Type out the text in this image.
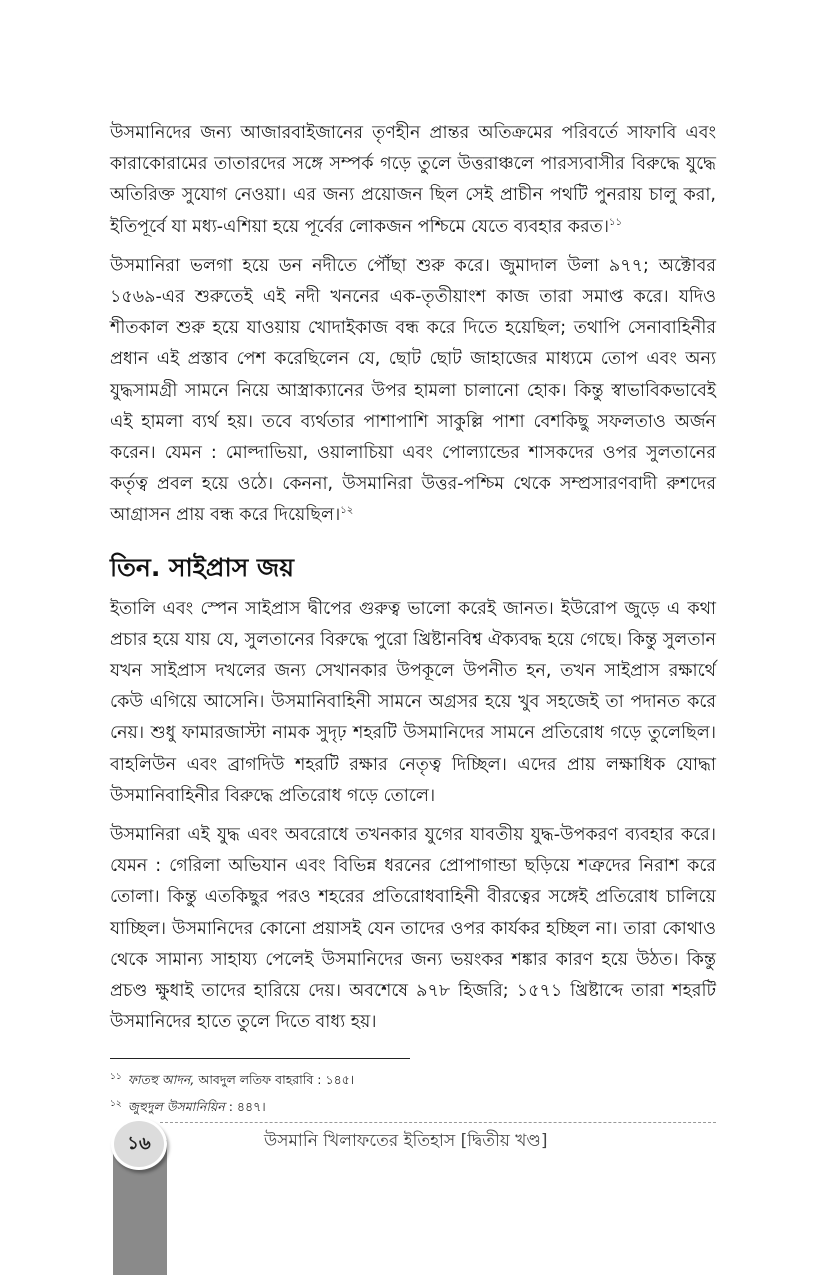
উসমানিদের জন্য আজারবাইজানের তৃণহীন প্রান্তর অতিক্রমের পরিবর্তে সাফাবি এবং কারাকোরামের তাতারদের সঙ্গে সম্পর্ক গড়ে তুলে উত্তরাঞ্চলে পারস্যবাসীর বিরুদ্ধে যুদ্ধে অতিরিক্ত সুযোগ নেওয়া। এর জন্য প্রয়োজন ছিল সেই প্রাচীন পথটি পুনরায় চালু করা, ইতিপূর্বে যা মধ্য-এশিয়া হয়ে পূর্বের লোকজন পশ্চিমে যেতে ব্যবহার করত।$^{১১}$

উসমানিরা ভলগা হয়ে ডন নদীতে পৌঁছা শুরু করে। জুমাদাল উলা ৯৭৭; অক্টোবর ১৫৬৯-এর শুরুতেই এই নদী খননের এক-তৃতীয়াংশ কাজ তারা সমাপ্ত করে। যদিও শীতকাল শুরু হয়ে যাওয়ায় খোদাইকাজ বন্ধ করে দিতে হয়েছিল; তথাপি সেনাবাহিনীর প্রধান এই প্রস্তাব পেশ করেছিলেন যে, ছোট ছোট জাহাজের মাধ্যমে তোপ এবং অন্য যুদ্ধসামগ্রী সামনে নিয়ে আস্ত্রাক্যানের উপর হামলা চালানো হোক। কিন্তু স্বাভাবিকভাবেই এই হামলা ব্যর্থ হয়। তবে ব্যর্থতার পাশাপাশি সাকুল্লি পাশা বেশকিছু সফলতাও অর্জন করেন। যেমন : মোল্দাভিয়া, ওয়ালাচিয়া এবং পোল্যান্ডের শাসকদের ওপর সুলতানের কর্তৃত্ব প্রবল হয়ে ওঠে। কেননা, উসমানিরা উত্তর-পশ্চিম থেকে সম্প্রসারণবাদী রুশদের আগ্রাসন প্রায় বন্ধ করে দিয়েছিল।$^{১২}$

তিন. সাইপ্রাস জয়

ইতালি এবং স্পেন সাইপ্রাস দ্বীপের গুরুত্ব ভালো করেই জানত। ইউরোপ জুড়ে এ কথা প্রচার হয়ে যায় যে, সুলতানের বিরুদ্ধে পুরো খ্রিষ্টানবিশ্ব ঐক্যবদ্ধ হয়ে গেছে। কিন্তু সুলতান যখন সাইপ্রাস দখলের জন্য সেখানকার উপকূলে উপনীত হন, তখন সাইপ্রাস রক্ষার্থে কেউ এগিয়ে আসেনি। উসমানিবাহিনী সামনে অগ্রসর হয়ে খুব সহজেই তা পদানত করে নেয়। শুধু ফামারজাস্টা নামক সুদৃঢ় শহরটি উসমানিদের সামনে প্রতিরোধ গড়ে তুলেছিল। বাহলিউন এবং ব্রাগদিউ শহরটি রক্ষার নেতৃত্ব দিচ্ছিল। এদের প্রায় লক্ষাধিক যোদ্ধা উসমানিবাহিনীর বিরুদ্ধে প্রতিরোধ গড়ে তোলে।

উসমানিরা এই যুদ্ধ এবং অবরোধে তখনকার যুগের যাবতীয় যুদ্ধ-উপকরণ ব্যবহার করে। যেমন : গেরিলা অভিযান এবং বিভিন্ন ধরনের প্রোপাগান্ডা ছড়িয়ে শত্রুদের নিরাশ করে তোলা। কিন্তু এতকিছুর পরও শহরের প্রতিরোধবাহিনী বীরত্বের সঙ্গেই প্রতিরোধ চালিয়ে যাচ্ছিল। উসমানিদের কোনো প্রয়াসই যেন তাদের ওপর কার্যকর হচ্ছিল না। তারা কোথাও থেকে সামান্য সাহায্য পেলেই উসমানিদের জন্য ভয়ংকর শঙ্কার কারণ হয়ে উঠত। কিন্তু প্রচণ্ড ক্ষুধাই তাদের হারিয়ে দেয়। অবশেষে ৯৭৮ হিজরি; ১৫৭১ খ্রিষ্টাব্দে তারা শহরটি উসমানিদের হাতে তুলে দিতে বাধ্য হয়।

$^{১১}$ ফাতহু আদন, আবদুল লতিফ বাহরাবি : ১৪৫।
$^{১২}$ জুহুদুল উসমানিয়িন : ৪৪৭।
১৬	উসমানি খিলাফতের ইতিহাস [দ্বিতীয় খণ্ড]
